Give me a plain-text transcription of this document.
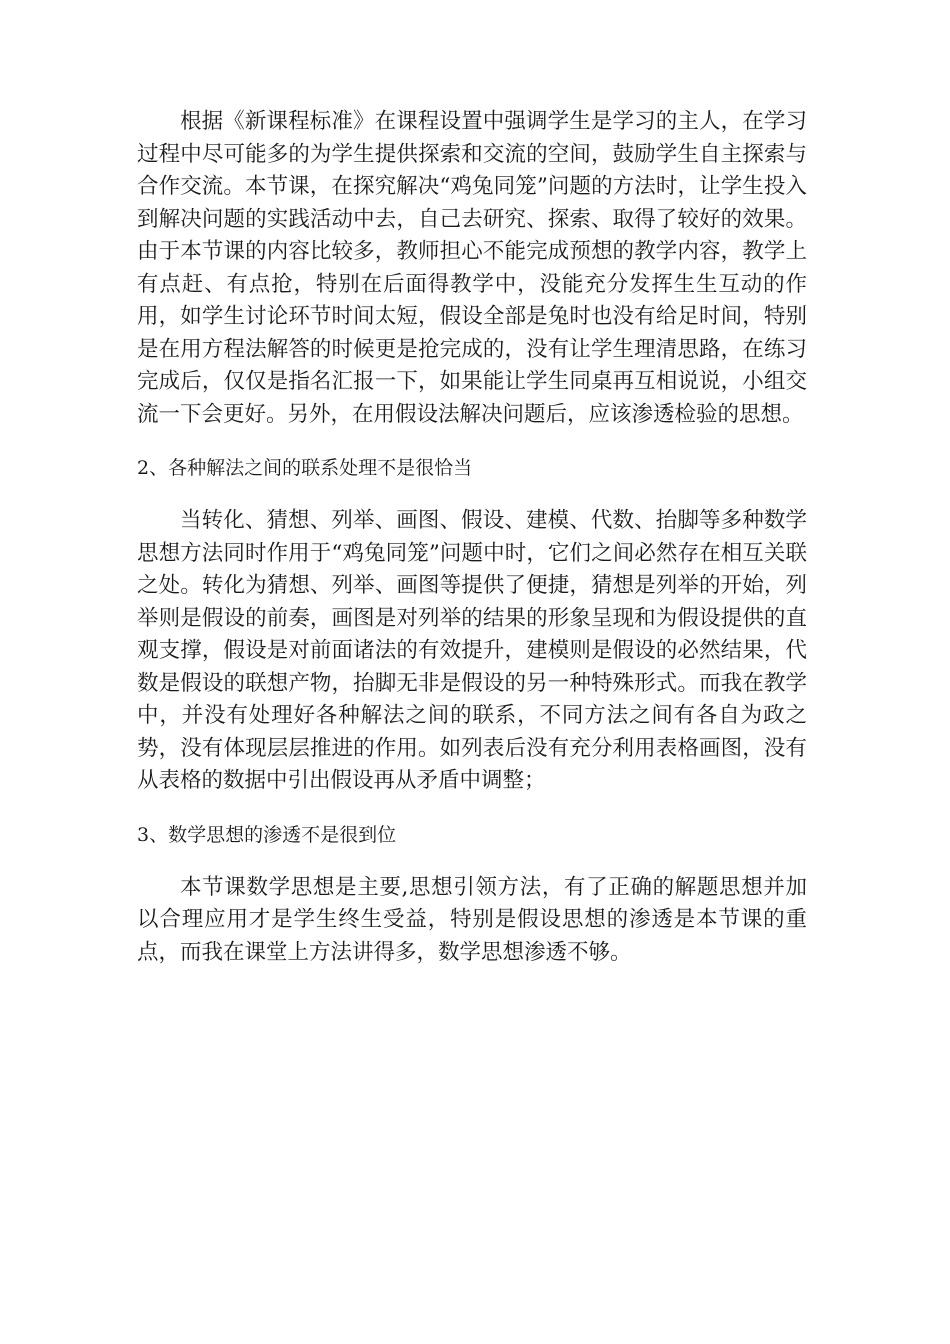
根据《新课程标准》在课程设置中强调学生是学习的主人，在学习过程中尽可能多的为学生提供探索和交流的空间，鼓励学生自主探索与合作交流。本节课，在探究解决“鸡兔同笼”问题的方法时，让学生投入到解决问题的实践活动中去，自己去研究、探索、取得了较好的效果。由于本节课的内容比较多，教师担心不能完成预想的教学内容，教学上有点赶、有点抢，特别在后面得教学中，没能充分发挥生生互动的作用，如学生讨论环节时间太短，假设全部是兔时也没有给足时间，特别是在用方程法解答的时候更是抢完成的，没有让学生理清思路，在练习完成后，仅仅是指名汇报一下，如果能让学生同桌再互相说说，小组交流一下会更好。另外，在用假设法解决问题后，应该渗透检验的思想。

2、各种解法之间的联系处理不是很恰当

当转化、猜想、列举、画图、假设、建模、代数、抬脚等多种数学思想方法同时作用于“鸡兔同笼”问题中时，它们之间必然存在相互关联之处。转化为猜想、列举、画图等提供了便捷，猜想是列举的开始，列举则是假设的前奏，画图是对列举的结果的形象呈现和为假设提供的直观支撑，假设是对前面诸法的有效提升，建模则是假设的必然结果，代数是假设的联想产物，抬脚无非是假设的另一种特殊形式。而我在教学中，并没有处理好各种解法之间的联系，不同方法之间有各自为政之势，没有体现层层推进的作用。如列表后没有充分利用表格画图，没有从表格的数据中引出假设再从矛盾中调整；

3、数学思想的渗透不是很到位

本节课数学思想是主要,思想引领方法，有了正确的解题思想并加以合理应用才是学生终生受益，特别是假设思想的渗透是本节课的重点，而我在课堂上方法讲得多，数学思想渗透不够。
